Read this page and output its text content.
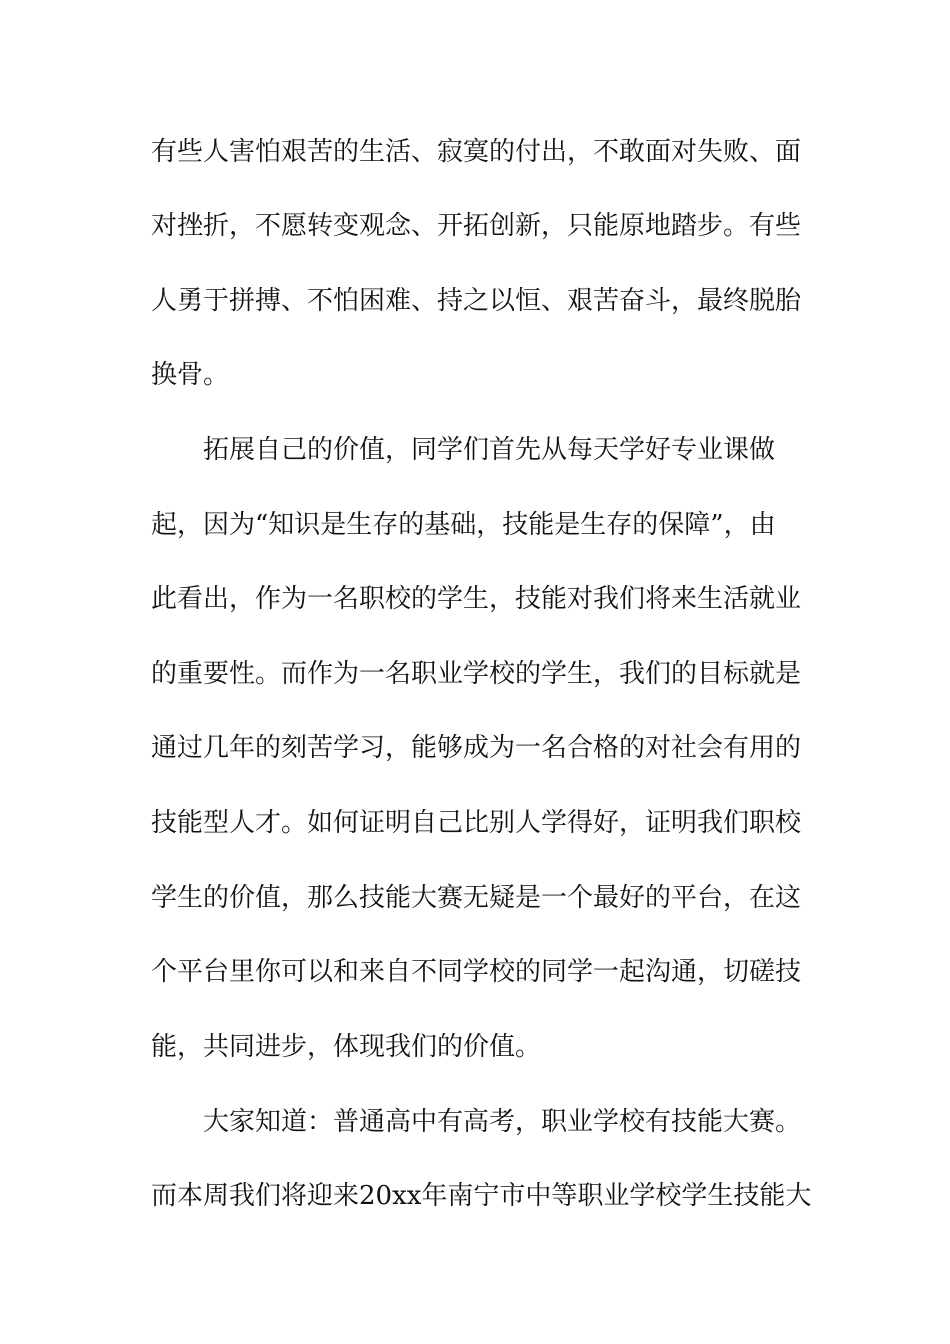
有些人害怕艰苦的生活、寂寞的付出，不敢面对失败、面

对挫折，不愿转变观念、开拓创新，只能原地踏步。有些

人勇于拼搏、不怕困难、持之以恒、艰苦奋斗，最终脱胎

换骨。

拓展自己的价值，同学们首先从每天学好专业课做

起，因为“知识是生存的基础，技能是生存的保障”，由

此看出，作为一名职校的学生，技能对我们将来生活就业

的重要性。而作为一名职业学校的学生，我们的目标就是

通过几年的刻苦学习，能够成为一名合格的对社会有用的

技能型人才。如何证明自己比别人学得好，证明我们职校

学生的价值，那么技能大赛无疑是一个最好的平台，在这

个平台里你可以和来自不同学校的同学一起沟通，切磋技

能，共同进步，体现我们的价值。

大家知道：普通高中有高考，职业学校有技能大赛。

而本周我们将迎来20xx年南宁市中等职业学校学生技能大
